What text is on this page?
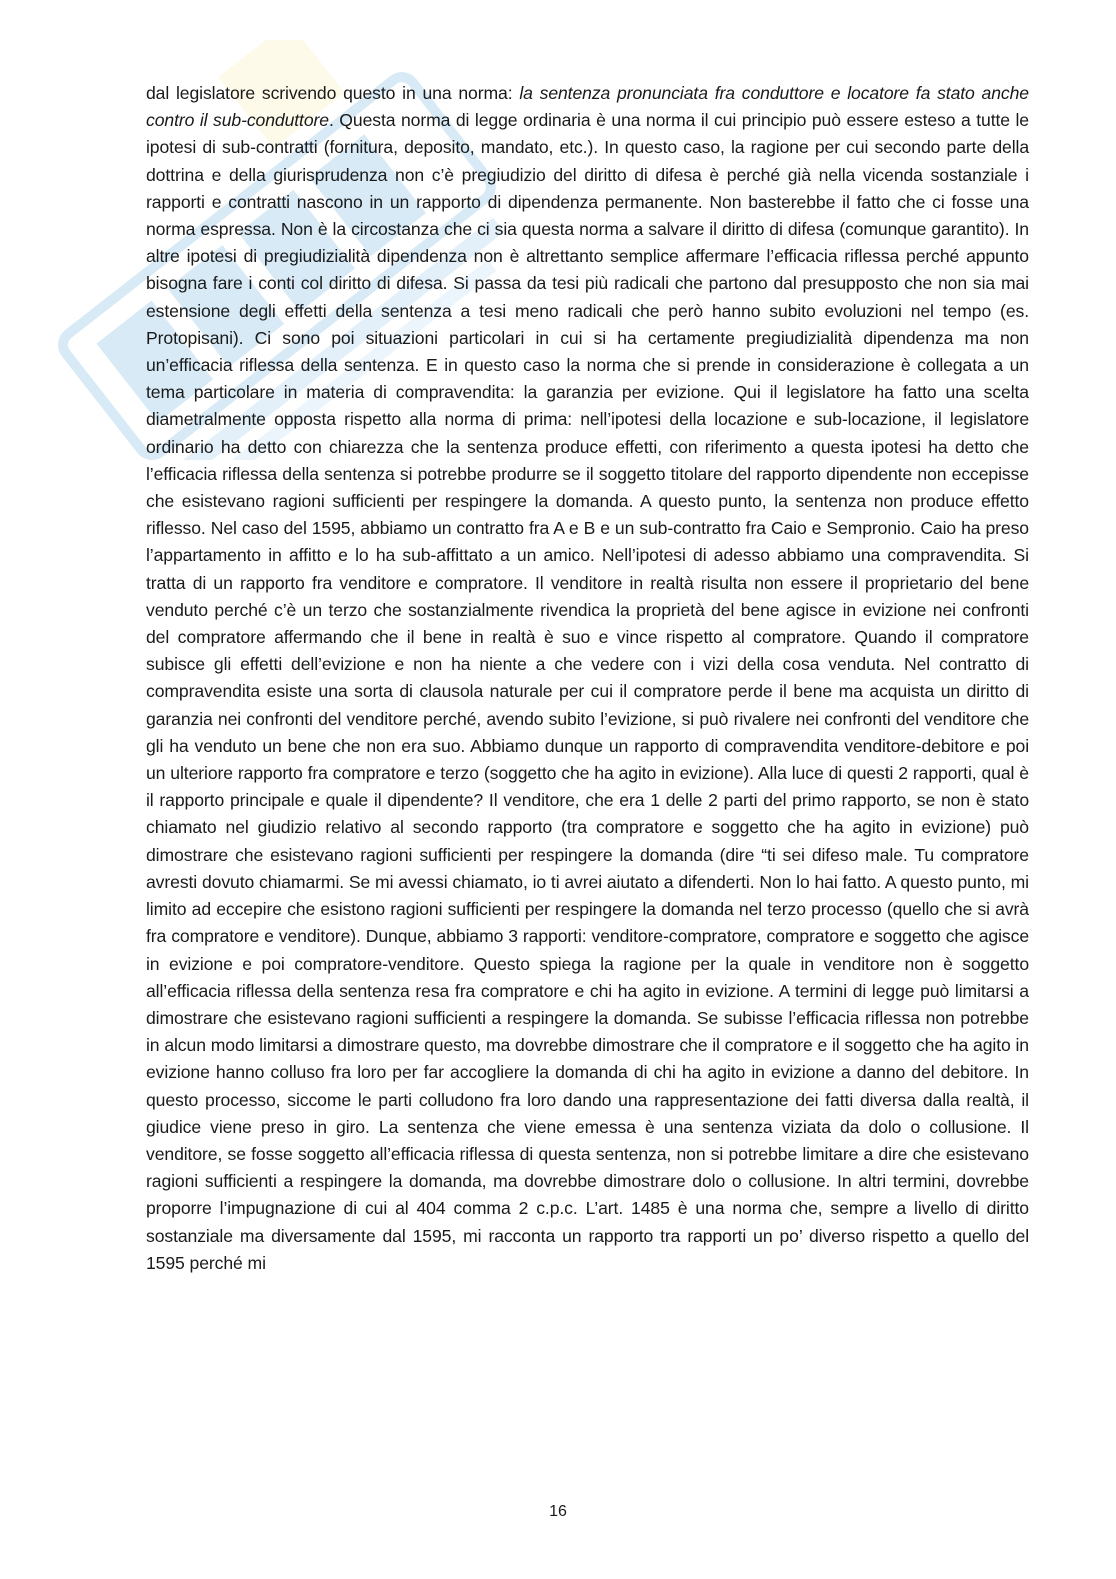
dal legislatore scrivendo questo in una norma: la sentenza pronunciata fra conduttore e locatore fa stato anche contro il sub-conduttore. Questa norma di legge ordinaria è una norma il cui principio può essere esteso a tutte le ipotesi di sub-contratti (fornitura, deposito, mandato, etc.). In questo caso, la ragione per cui secondo parte della dottrina e della giurisprudenza non c’è pregiudizio del diritto di difesa è perché già nella vicenda sostanziale i rapporti e contratti nascono in un rapporto di dipendenza permanente. Non basterebbe il fatto che ci fosse una norma espressa. Non è la circostanza che ci sia questa norma a salvare il diritto di difesa (comunque garantito). In altre ipotesi di pregiudizialità dipendenza non è altrettanto semplice affermare l’efficacia riflessa perché appunto bisogna fare i conti col diritto di difesa. Si passa da tesi più radicali che partono dal presupposto che non sia mai estensione degli effetti della sentenza a tesi meno radicali che però hanno subito evoluzioni nel tempo (es. Protopisani). Ci sono poi situazioni particolari in cui si ha certamente pregiudizialità dipendenza ma non un’efficacia riflessa della sentenza. E in questo caso la norma che si prende in considerazione è collegata a un tema particolare in materia di compravendita: la garanzia per evizione. Qui il legislatore ha fatto una scelta diametralmente opposta rispetto alla norma di prima: nell’ipotesi della locazione e sub-locazione, il legislatore ordinario ha detto con chiarezza che la sentenza produce effetti, con riferimento a questa ipotesi ha detto che l’efficacia riflessa della sentenza si potrebbe produrre se il soggetto titolare del rapporto dipendente non eccepisse che esistevano ragioni sufficienti per respingere la domanda. A questo punto, la sentenza non produce effetto riflesso. Nel caso del 1595, abbiamo un contratto fra A e B e un sub-contratto fra Caio e Sempronio. Caio ha preso l’appartamento in affitto e lo ha sub-affittato a un amico. Nell’ipotesi di adesso abbiamo una compravendita. Si tratta di un rapporto fra venditore e compratore. Il venditore in realtà risulta non essere il proprietario del bene venduto perché c’è un terzo che sostanzialmente rivendica la proprietà del bene agisce in evizione nei confronti del compratore affermando che il bene in realtà è suo e vince rispetto al compratore. Quando il compratore subisce gli effetti dell’evizione e non ha niente a che vedere con i vizi della cosa venduta. Nel contratto di compravendita esiste una sorta di clausola naturale per cui il compratore perde il bene ma acquista un diritto di garanzia nei confronti del venditore perché, avendo subito l’evizione, si può rivalere nei confronti del venditore che gli ha venduto un bene che non era suo. Abbiamo dunque un rapporto di compravendita venditore-debitore e poi un ulteriore rapporto fra compratore e terzo (soggetto che ha agito in evizione). Alla luce di questi 2 rapporti, qual è il rapporto principale e quale il dipendente? Il venditore, che era 1 delle 2 parti del primo rapporto, se non è stato chiamato nel giudizio relativo al secondo rapporto (tra compratore e soggetto che ha agito in evizione) può dimostrare che esistevano ragioni sufficienti per respingere la domanda (dire “ti sei difeso male. Tu compratore avresti dovuto chiamarmi. Se mi avessi chiamato, io ti avrei aiutato a difenderti. Non lo hai fatto. A questo punto, mi limito ad eccepire che esistono ragioni sufficienti per respingere la domanda nel terzo processo (quello che si avrà fra compratore e venditore). Dunque, abbiamo 3 rapporti: venditore-compratore, compratore e soggetto che agisce in evizione e poi compratore-venditore. Questo spiega la ragione per la quale in venditore non è soggetto all’efficacia riflessa della sentenza resa fra compratore e chi ha agito in evizione. A termini di legge può limitarsi a dimostrare che esistevano ragioni sufficienti a respingere la domanda. Se subisse l’efficacia riflessa non potrebbe in alcun modo limitarsi a dimostrare questo, ma dovrebbe dimostrare che il compratore e il soggetto che ha agito in evizione hanno colluso fra loro per far accogliere la domanda di chi ha agito in evizione a danno del debitore. In questo processo, siccome le parti colludono fra loro dando una rappresentazione dei fatti diversa dalla realtà, il giudice viene preso in giro. La sentenza che viene emessa è una sentenza viziata da dolo o collusione. Il venditore, se fosse soggetto all’efficacia riflessa di questa sentenza, non si potrebbe limitare a dire che esistevano ragioni sufficienti a respingere la domanda, ma dovrebbe dimostrare dolo o collusione. In altri termini, dovrebbe proporre l’impugnazione di cui al 404 comma 2 c.p.c. L’art. 1485 è una norma che, sempre a livello di diritto sostanziale ma diversamente dal 1595, mi racconta un rapporto tra rapporti un po’ diverso rispetto a quello del 1595 perché mi

16
